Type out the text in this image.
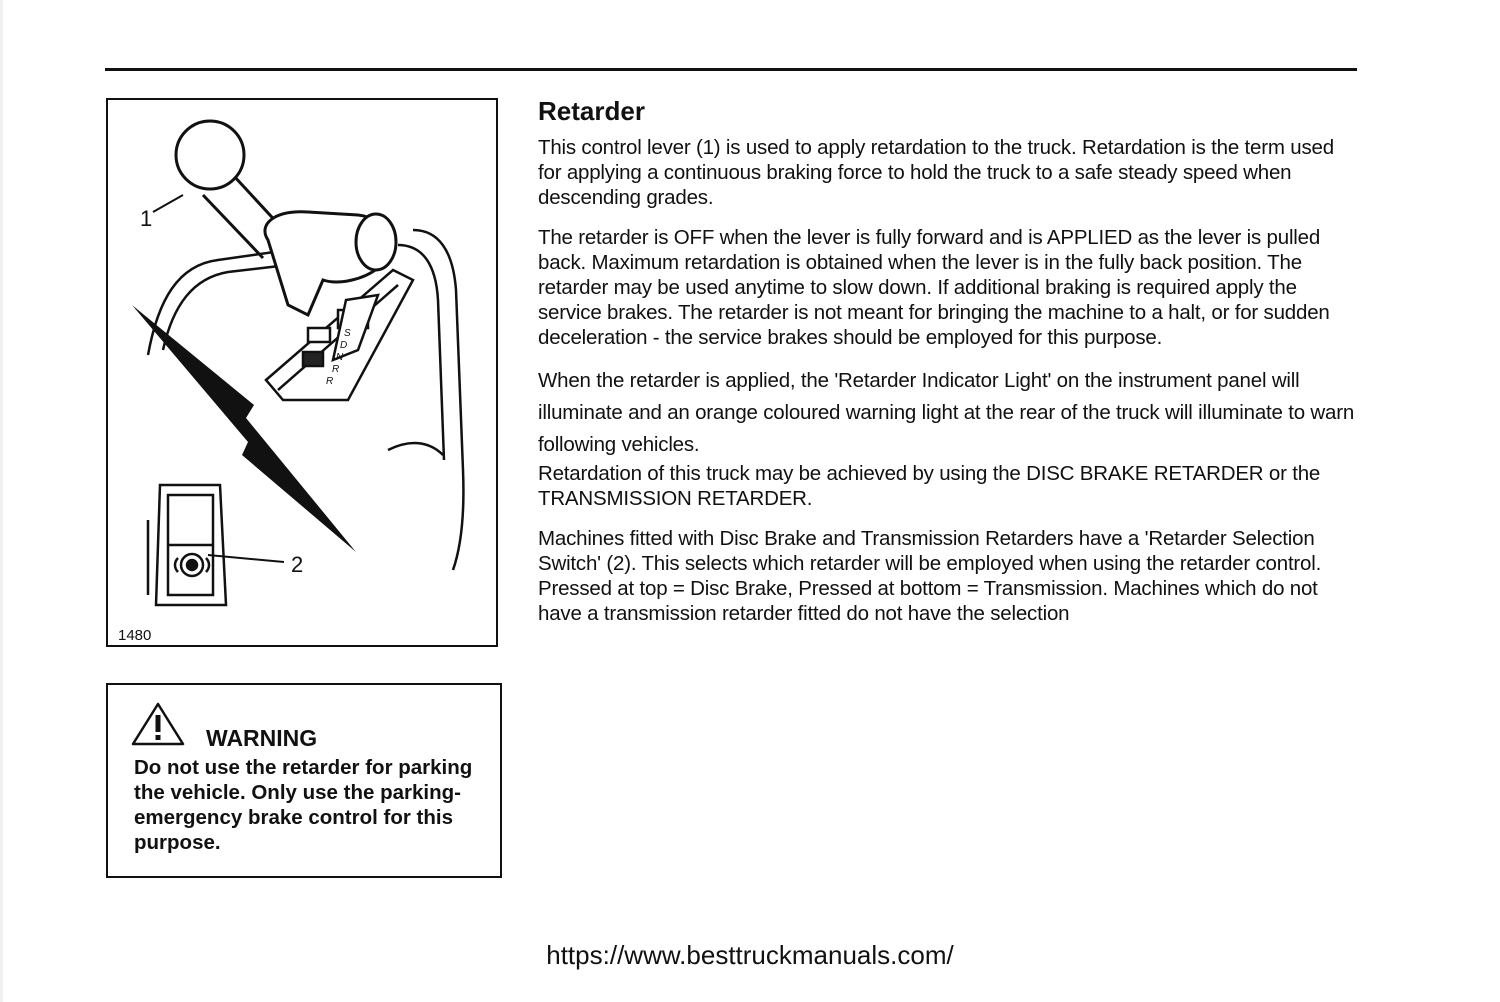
S
D
N
R
R
1
2
1480
WARNING
Do not use the retarder for parking the vehicle. Only use the parking-emergency brake control for this purpose.
Retarder

This control lever (1) is used to apply retardation to the truck. Retardation is the term used for applying a continuous braking force to hold the truck to a safe steady speed when descending grades.

The retarder is OFF when the lever is fully forward and is APPLIED as the lever is pulled back. Maximum retardation is obtained when the lever is in the fully back position. The retarder may be used anytime to slow down. If additional braking is required apply the service brakes. The retarder is not meant for bringing the machine to a halt, or for sudden deceleration - the service brakes should be employed for this purpose.

When the retarder is applied, the 'Retarder Indicator Light' on the instrument panel will illuminate and an orange coloured warning light at the rear of the truck will illuminate to warn following vehicles.

Retardation of this truck may be achieved by using the DISC BRAKE RETARDER or the TRANSMISSION RETARDER.

Machines fitted with Disc Brake and Transmission Retarders have a 'Retarder Selection Switch' (2). This selects which retarder will be employed when using the retarder control. Pressed at top = Disc Brake, Pressed at bottom = Transmission. Machines which do not have a transmission retarder fitted do not have the selection

https://www.besttruckmanuals.com/
